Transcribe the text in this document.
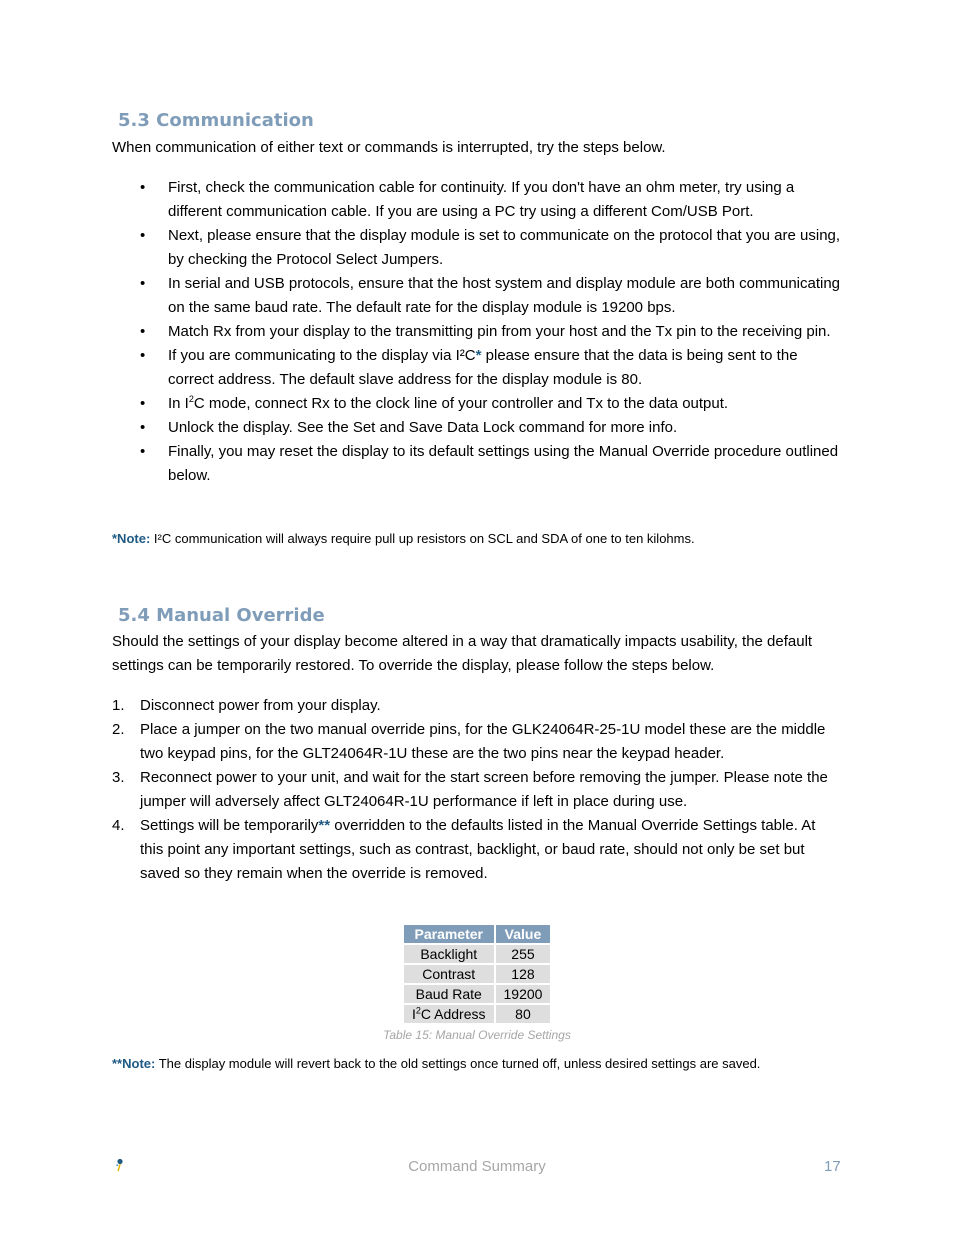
5.3 Communication

When communication of either text or commands is interrupted, try the steps below.

• First, check the communication cable for continuity. If you don't have an ohm meter, try using a different communication cable. If you are using a PC try using a different Com/USB Port.
• Next, please ensure that the display module is set to communicate on the protocol that you are using, by checking the Protocol Select Jumpers.
• In serial and USB protocols, ensure that the host system and display module are both communicating on the same baud rate. The default rate for the display module is 19200 bps.
• Match Rx from your display to the transmitting pin from your host and the Tx pin to the receiving pin.
• If you are communicating to the display via I²C* please ensure that the data is being sent to the correct address. The default slave address for the display module is 80.
• In $I^2C$ mode, connect Rx to the clock line of your controller and Tx to the data output.
• Unlock the display. See the Set and Save Data Lock command for more info.
• Finally, you may reset the display to its default settings using the Manual Override procedure outlined below.

*Note: I²C communication will always require pull up resistors on SCL and SDA of one to ten kilohms.

5.4 Manual Override

Should the settings of your display become altered in a way that dramatically impacts usability, the default settings can be temporarily restored. To override the display, please follow the steps below.

1. Disconnect power from your display.
2. Place a jumper on the two manual override pins, for the GLK24064R-25-1U model these are the middle two keypad pins, for the GLT24064R-1U these are the two pins near the keypad header.
3. Reconnect power to your unit, and wait for the start screen before removing the jumper. Please note the jumper will adversely affect GLT24064R-1U performance if left in place during use.
4. Settings will be temporarily** overridden to the defaults listed in the Manual Override Settings table. At this point any important settings, such as contrast, backlight, or baud rate, should not only be set but saved so they remain when the override is removed.
Parameter	Value
Backlight	255
Contrast	128
Baud Rate	19200
$I^2C$ Address	80

Table 15: Manual Override Settings

**Note: The display module will revert back to the old settings once turned off, unless desired settings are saved.

Command Summary	17
